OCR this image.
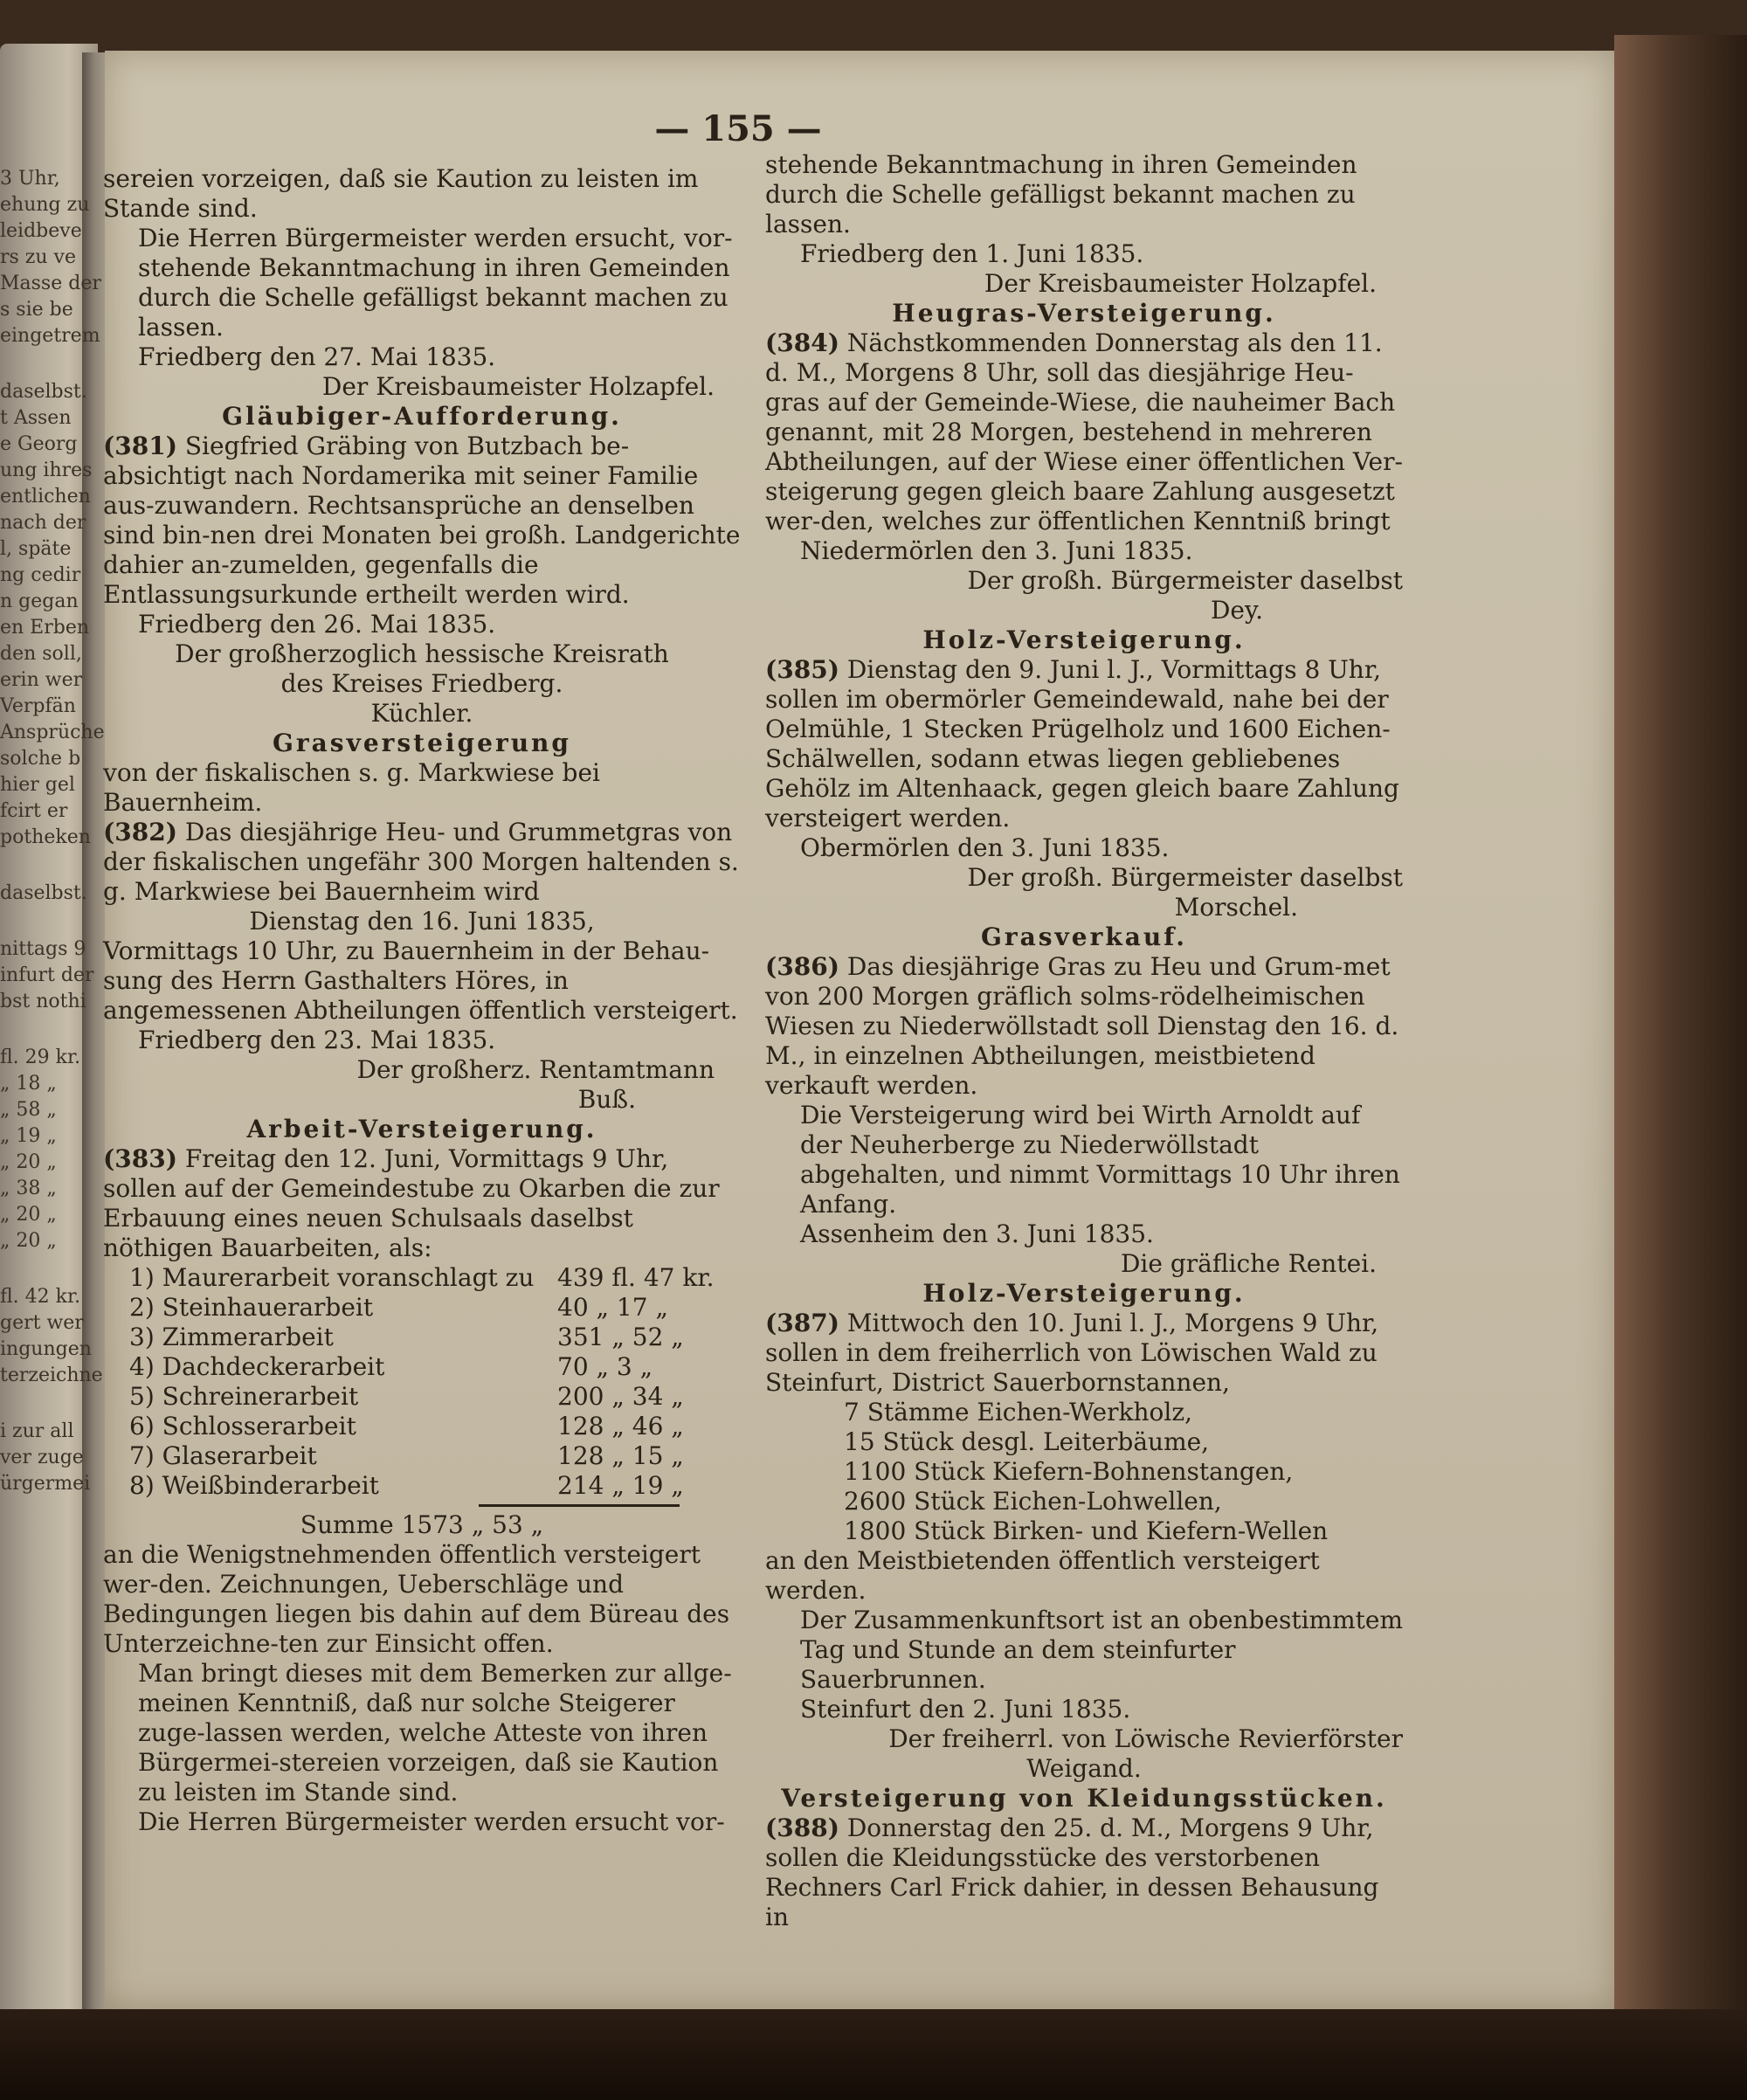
3 Uhr,

ehung zu

leidbeve

rs zu ve

Masse der

s sie be

eingetrem

daselbst.

t Assen

e Georg

ung ihres

entlichen

nach der

l, späte

ng cedir

n gegan

en Erben

den soll,

erin wer

Verpfän

Ansprüche

solche b

hier gel

fcirt er

potheken

daselbst.

nittags 9

infurt der

bst nothi

fl. 29 kr.

„ 18 „

„ 58 „

„ 19 „

„ 20 „

„ 38 „

„ 20 „

„ 20 „

fl. 42 kr.

gert wer

ingungen

terzeichne

i zur all

ver zuge

ürgermei

— 155 —

sereien vorzeigen, daß sie Kaution zu leisten im

Stande sind.

Die Herren Bürgermeister werden ersucht, vor-stehende Bekanntmachung in ihren Gemeinden durch die Schelle gefälligst bekannt machen zu lassen.

Friedberg den 27. Mai 1835.

Der Kreisbaumeister Holzapfel.

Gläubiger-Aufforderung.

(381) Siegfried Gräbing von Butzbach be-absichtigt nach Nordamerika mit seiner Familie aus-zuwandern. Rechtsansprüche an denselben sind bin-nen drei Monaten bei großh. Landgerichte dahier an-zumelden, gegenfalls die Entlassungsurkunde ertheilt werden wird.

Friedberg den 26. Mai 1835.

Der großherzoglich hessische Kreisrath

des Kreises Friedberg.

Küchler.

Grasversteigerung

von der fiskalischen s. g. Markwiese bei Bauernheim.

(382) Das diesjährige Heu- und Grummetgras von der fiskalischen ungefähr 300 Morgen haltenden s. g. Markwiese bei Bauernheim wird

Dienstag den 16. Juni 1835,

Vormittags 10 Uhr, zu Bauernheim in der Behau-sung des Herrn Gasthalters Höres, in angemessenen Abtheilungen öffentlich versteigert.

Friedberg den 23. Mai 1835.

Der großherz. Rentamtmann

Buß.

Arbeit-Versteigerung.

(383) Freitag den 12. Juni, Vormittags 9 Uhr, sollen auf der Gemeindestube zu Okarben die zur Erbauung eines neuen Schulsaals daselbst nöthigen Bauarbeiten, als:

1) Maurerarbeit voranschlagt zu 439 fl. 47 kr.
2) Steinhauerarbeit	40 „ 17 „
3) Zimmerarbeit	351 „ 52 „
4) Dachdeckerarbeit	70 „ 3 „
5) Schreinerarbeit	200 „ 34 „
6) Schlosserarbeit	128 „ 46 „
7) Glaserarbeit	128 „ 15 „
8) Weißbinderarbeit	214 „ 19 „

Summe 1573 „ 53 „

an die Wenigstnehmenden öffentlich versteigert wer-den. Zeichnungen, Ueberschläge und Bedingungen liegen bis dahin auf dem Büreau des Unterzeichne-ten zur Einsicht offen.

Man bringt dieses mit dem Bemerken zur allge-meinen Kenntniß, daß nur solche Steigerer zuge-lassen werden, welche Atteste von ihren Bürgermei-stereien vorzeigen, daß sie Kaution zu leisten im Stande sind.

Die Herren Bürgermeister werden ersucht vor-

stehende Bekanntmachung in ihren Gemeinden durch die Schelle gefälligst bekannt machen zu lassen.

Friedberg den 1. Juni 1835.

Der Kreisbaumeister Holzapfel.

Heugras-Versteigerung.

(384) Nächstkommenden Donnerstag als den 11. d. M., Morgens 8 Uhr, soll das diesjährige Heu-gras auf der Gemeinde-Wiese, die nauheimer Bach genannt, mit 28 Morgen, bestehend in mehreren Abtheilungen, auf der Wiese einer öffentlichen Ver-steigerung gegen gleich baare Zahlung ausgesetzt wer-den, welches zur öffentlichen Kenntniß bringt

Niedermörlen den 3. Juni 1835.

Der großh. Bürgermeister daselbst

Dey.

Holz-Versteigerung.

(385) Dienstag den 9. Juni l. J., Vormittags 8 Uhr, sollen im obermörler Gemeindewald, nahe bei der Oelmühle, 1 Stecken Prügelholz und 1600 Eichen-Schälwellen, sodann etwas liegen gebliebenes Gehölz im Altenhaack, gegen gleich baare Zahlung versteigert werden.

Obermörlen den 3. Juni 1835.

Der großh. Bürgermeister daselbst

Morschel.

Grasverkauf.

(386) Das diesjährige Gras zu Heu und Grum-met von 200 Morgen gräflich solms-rödelheimischen Wiesen zu Niederwöllstadt soll Dienstag den 16. d. M., in einzelnen Abtheilungen, meistbietend verkauft werden.

Die Versteigerung wird bei Wirth Arnoldt auf der Neuherberge zu Niederwöllstadt abgehalten, und nimmt Vormittags 10 Uhr ihren Anfang.

Assenheim den 3. Juni 1835.

Die gräfliche Rentei.

Holz-Versteigerung.

(387) Mittwoch den 10. Juni l. J., Morgens 9 Uhr, sollen in dem freiherrlich von Löwischen Wald zu Steinfurt, District Sauerbornstannen,

7 Stämme Eichen-Werkholz,

15 Stück desgl. Leiterbäume,

1100 Stück Kiefern-Bohnenstangen,

2600 Stück Eichen-Lohwellen,

1800 Stück Birken- und Kiefern-Wellen

an den Meistbietenden öffentlich versteigert werden.

Der Zusammenkunftsort ist an obenbestimmtem Tag und Stunde an dem steinfurter Sauerbrunnen.

Steinfurt den 2. Juni 1835.

Der freiherrl. von Löwische Revierförster

Weigand.

Versteigerung von Kleidungsstücken.

(388) Donnerstag den 25. d. M., Morgens 9 Uhr, sollen die Kleidungsstücke des verstorbenen Rechners Carl Frick dahier, in dessen Behausung in
